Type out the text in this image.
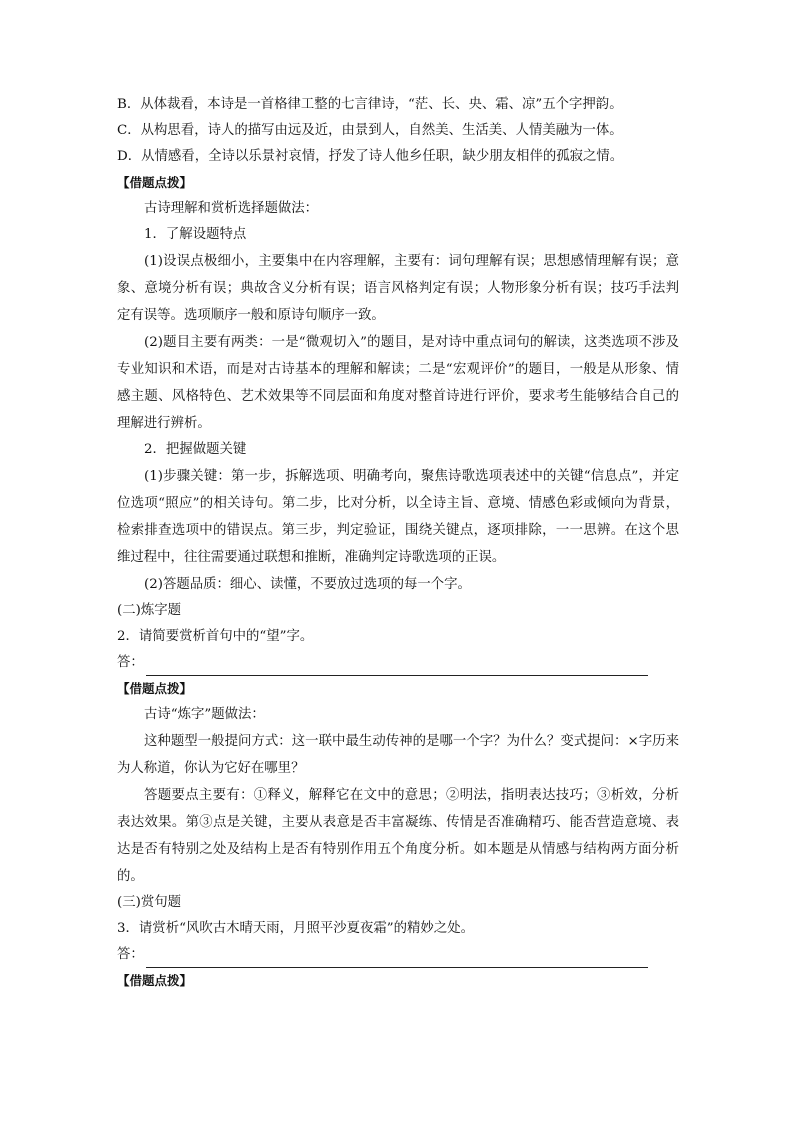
B．从体裁看，本诗是一首格律工整的七言律诗，“茫、长、央、霜、凉”五个字押韵。
C．从构思看，诗人的描写由远及近，由景到人，自然美、生活美、人情美融为一体。
D．从情感看，全诗以乐景衬哀情，抒发了诗人他乡任职，缺少朋友相伴的孤寂之情。
【借题点拨】
古诗理解和赏析选择题做法：
1．了解设题特点
(1)设误点极细小，主要集中在内容理解，主要有：词句理解有误；思想感情理解有误；意象、意境分析有误；典故含义分析有误；语言风格判定有误；人物形象分析有误；技巧手法判定有误等。选项顺序一般和原诗句顺序一致。
(2)题目主要有两类：一是“微观切入”的题目，是对诗中重点词句的解读，这类选项不涉及专业知识和术语，而是对古诗基本的理解和解读；二是“宏观评价”的题目，一般是从形象、情感主题、风格特色、艺术效果等不同层面和角度对整首诗进行评价，要求考生能够结合自己的理解进行辨析。
2．把握做题关键
(1)步骤关键：第一步，拆解选项、明确考向，聚焦诗歌选项表述中的关键“信息点”，并定位选项“照应”的相关诗句。第二步，比对分析，以全诗主旨、意境、情感色彩或倾向为背景，检索排查选项中的错误点。第三步，判定验证，围绕关键点，逐项排除，一一思辨。在这个思维过程中，往往需要通过联想和推断，准确判定诗歌选项的正误。
(2)答题品质：细心、读懂，不要放过选项的每一个字。
(二)炼字题
2．请简要赏析首句中的“望”字。
答：
【借题点拨】
古诗“炼字”题做法：
这种题型一般提问方式：这一联中最生动传神的是哪一个字？为什么？变式提问：×字历来为人称道，你认为它好在哪里？
答题要点主要有：①释义，解释它在文中的意思；②明法，指明表达技巧；③析效，分析表达效果。第③点是关键，主要从表意是否丰富凝练、传情是否准确精巧、能否营造意境、表达是否有特别之处及结构上是否有特别作用五个角度分析。如本题是从情感与结构两方面分析的。
(三)赏句题
3．请赏析“风吹古木晴天雨，月照平沙夏夜霜”的精妙之处。
答：
【借题点拨】
